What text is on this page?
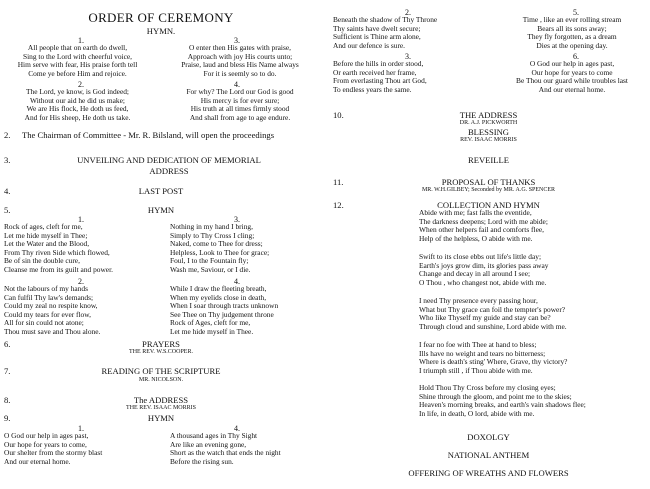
ORDER OF CEREMONY
HYMN.
1.
All people that on earth do dwell,
Sing to the Lord with cheerful voice,
Him serve with fear, His praise forth tell
Come ye before Him and rejoice.
3.
O enter then His gates with praise,
Approach with joy His courts unto;
Praise, laud and bless His Name always
For it is seemly so to do.
2.
The Lord, ye know, is God indeed;
Without our aid he did us make;
We are His flock, He doth us feed,
And for His sheep, He doth us take.
4.
For why? The Lord our God is good
His mercy is for ever sure;
His truth at all times firmly stood
And shall from age to age endure.
2. The Chairman of Committee - Mr. R. Bilsland, will open the proceedings
3.	UNVEILING AND DEDICATION OF MEMORIAL
ADDRESS
4.	LAST POST
5.	HYMN
1.
Rock of ages, cleft for me,
Let me hide myself in Thee;
Let the Water and the Blood,
From Thy riven Side which flowed,
Be of sin the double cure,
Cleanse me from its guilt and power.
3.
Nothing in my hand I bring,
Simply to Thy Cross I cling;
Naked, come to Thee for dress;
Helpless, Look to Thee for grace;
Foul, I to the Fountain fly;
Wash me, Saviour, or I die.
2.
Not the labours of my hands
Can fulfil Thy law's demands;
Could my zeal no respite know,
Could my tears for ever flow,
All for sin could not atone;
Thou must save and Thou alone.
4.
While I draw the fleeting breath,
When my eyelids close in death,
When I soar through tracts unknown
See Thee on Thy judgement throne
Rock of Ages, cleft for me,
Let me hide myself in Thee.
6.	PRAYERS
THE REV. W.S.COOPER.
7.	READING OF THE SCRIPTURE
MR. NICOLSON.
8.	The ADDRESS
THE REV. ISAAC MORRIS
9.	HYMN
1.
O God our help in ages past,
Our hope for years to come,
Our shelter from the stormy blast
And our eternal home.
4.
A thousand ages in Thy Sight
Are like an evening gone,
Short as the watch that ends the night
Before the rising sun.
2.
Beneath the shadow of Thy Throne
Thy saints have dwelt secure;
Sufficient is Thine arm alone,
And our defence is sure.
5.
Time , like an ever rolling stream
Bears all its sons away;
They fly forgotten, as a dream
Dies at the opening day.
3.
Before the hills in order stood,
Or earth received her frame,
From everlasting Thou art God,
To endless years the same.
6.
O God our help in ages past,
Our hope for years to come
Be Thou our guard while troubles last
And our eternal home.
10.	THE ADDRESS
DR. A.J. PICKWORTH
BLESSING
REV. ISAAC MORRIS
REVEILLE
11.	PROPOSAL OF THANKS
MR. W.H.GILBEY; Seconded by MR. A.G. SPENCER
12.	COLLECTION AND HYMN
Abide with me; fast falls the eventide,
The darkness deepens; Lord with me abide;
When other helpers fail and comforts flee,
Help of the helpless, O abide with me.
Swift to its close ebbs out life's little day;
Earth's joys grow dim, its glories pass away
Change and decay in all around I see;
O Thou , who changest not, abide with me.
I need Thy presence every passing hour,
What but Thy grace can foil the tempter's power?
Who like Thyself my guide and stay can be?
Through cloud and sunshine, Lord abide with me.
I fear no foe with Thee at hand to bless;
Ills have no weight and tears no bitterness;
Where is death's sting' Where, Grave, thy victory?
I triumph still , if Thou abide with me.
Hold Thou Thy Cross before my closing eyes;
Shine through the gloom, and point me to the skies;
Heaven's morning breaks, and earth's vain shadows flee;
In life, in death, O lord, abide with me.
DOXOLGY
NATIONAL ANTHEM
OFFERING OF WREATHS AND FLOWERS
